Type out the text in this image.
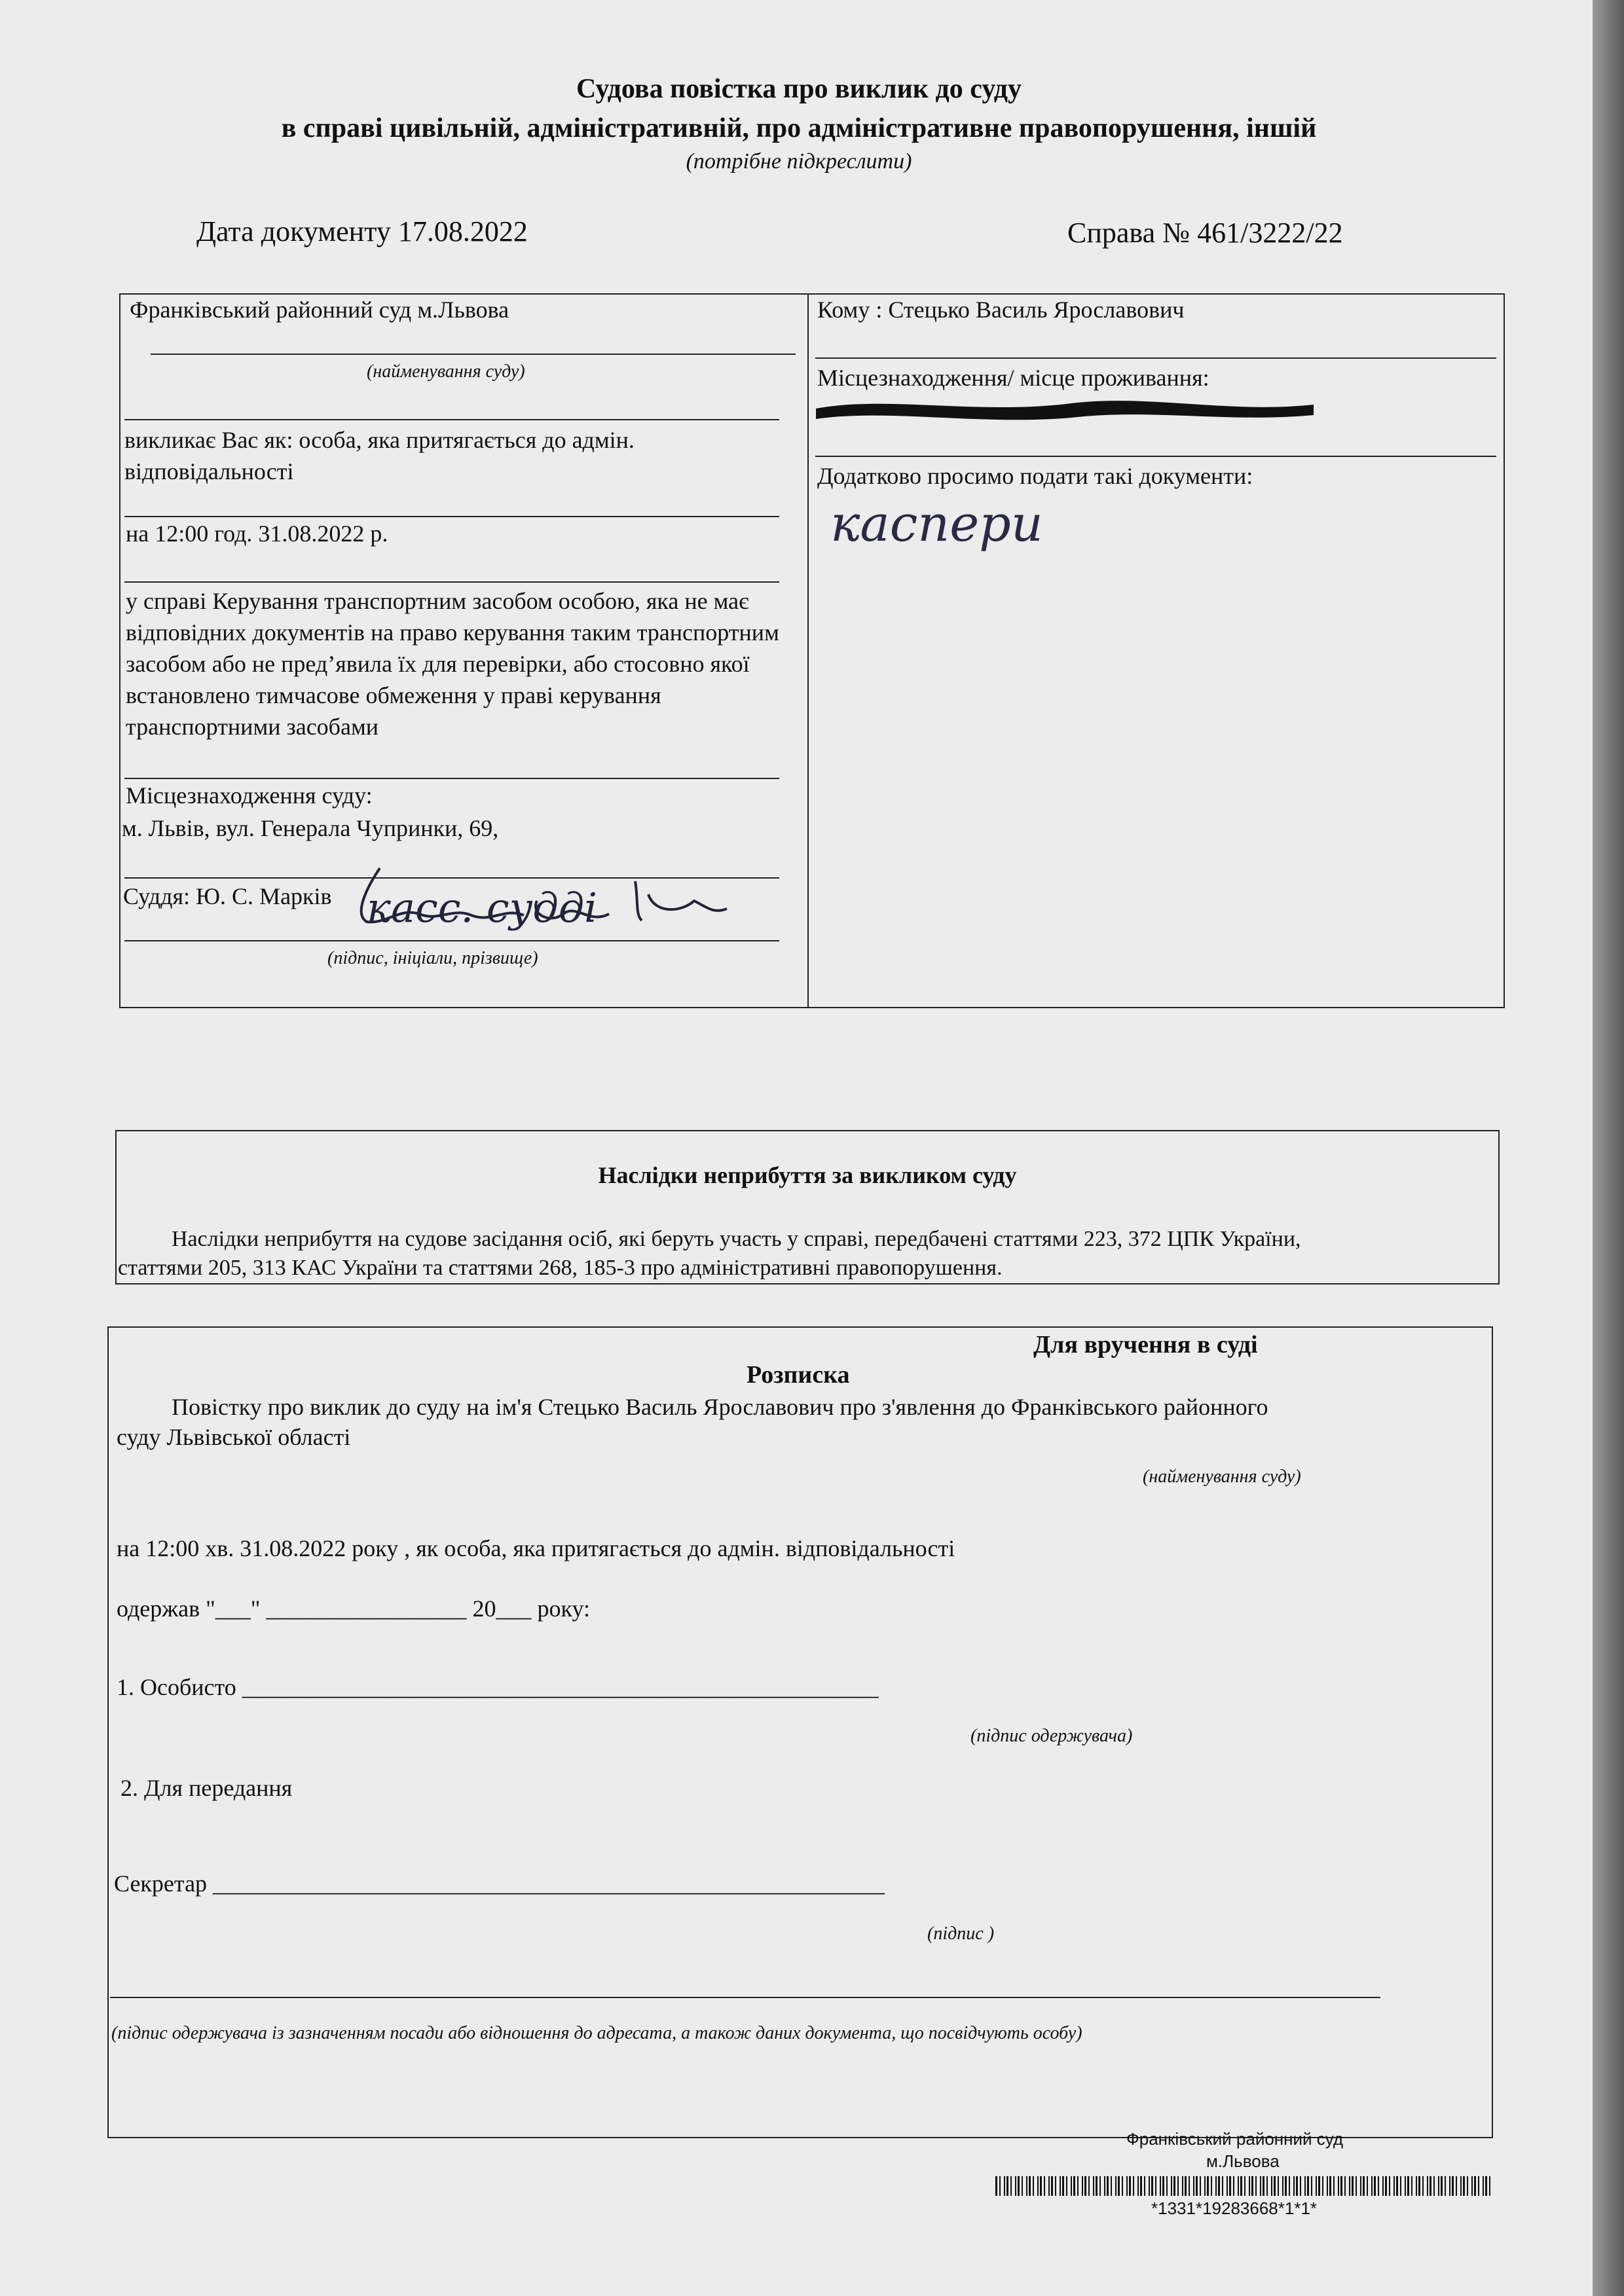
Судова повістка про виклик до суду
в справі цивільній, адміністративній, про адміністративне правопорушення, іншій
(потрібне підкреслити)
Дата документу 17.08.2022	Справа № 461/3222/22
Франківський районний суд м.Львова
(найменування суду)
викликає Вас як: особа, яка притягається до адмін. відповідальності
на 12:00 год. 31.08.2022 р.
у справі Керування транспортним засобом особою, яка не має відповідних документів на право керування таким транспортним засобом або не пред’явила їх для перевірки, або стосовно якої встановлено тимчасове обмеження у праві керування транспортними засобами
Місцезнаходження суду:
м. Львів, вул. Генерала Чупринки, 69,
Суддя: Ю. С. Марків касс. суддi
(підпис, ініціали, прізвище)
Кому : Стецько Василь Ярославович
Місцезнаходження/ місце проживання:
Додатково просимо подати такі документи:
касперu
Наслідки неприбуття за викликом суду
Наслідки неприбуття на судове засідання осіб, які беруть участь у справі, передбачені статтями 223, 372 ЦПК України,
статтями 205, 313 КАС України та статтями 268, 185-3 про адміністративні правопорушення.
Для вручення в суді
Розписка
Повістку про виклик до суду на ім'я Стецько Василь Ярославович про з'явлення до Франківського районного
суду Львівської області
(найменування суду)
на 12:00 хв. 31.08.2022 року , як особа, яка притягається до адмін. відповідальності
одержав "___" _________________ 20___ року:
1. Особисто ______________________________________________________
(підпис одержувача)
2. Для передання
Секретар _________________________________________________________
(підпис )
(підпис одержувача із зазначенням посади або відношення до адресата, а також даних документа, що посвідчують особу)
Франківський районний суд
м.Львова
*1331*19283668*1*1*
